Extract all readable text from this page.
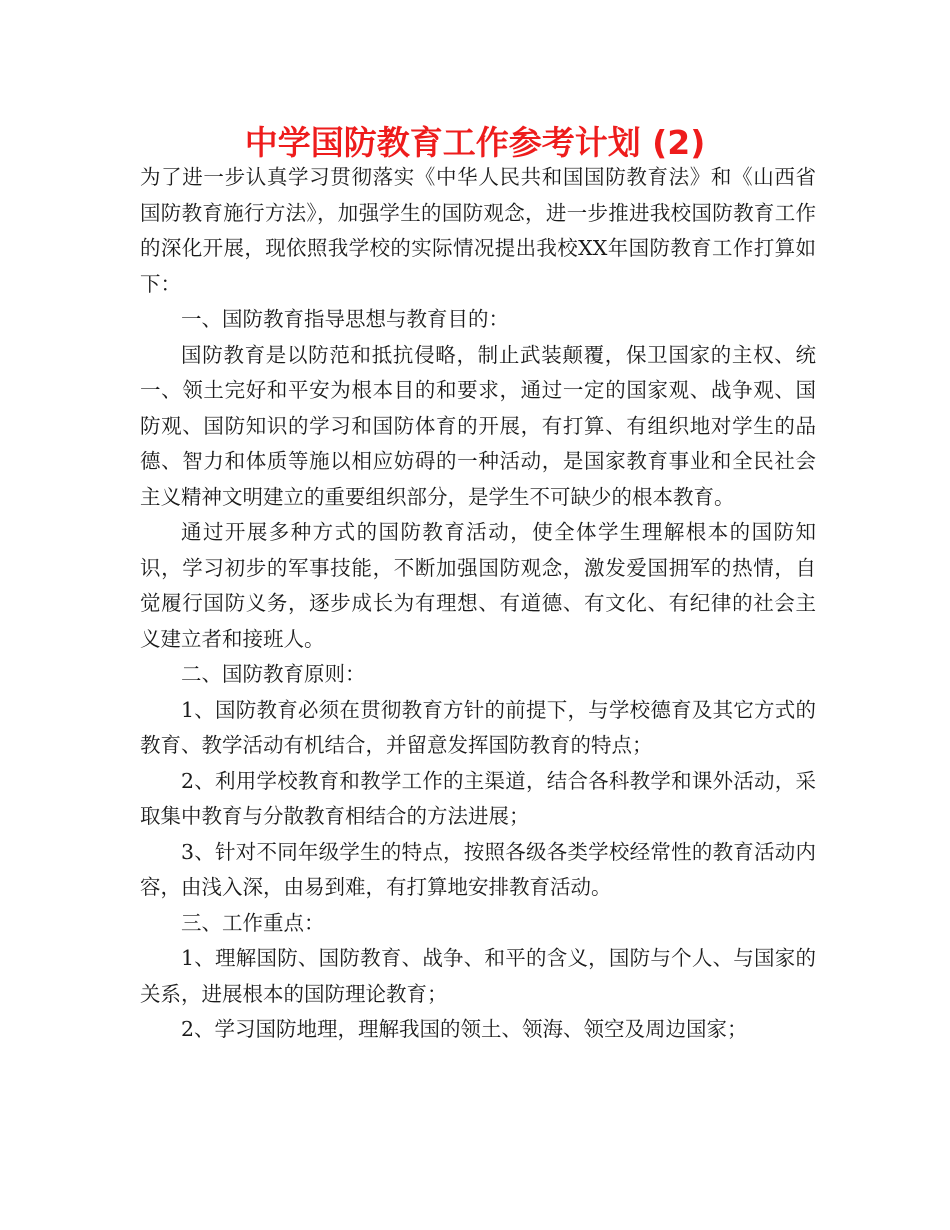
中学国防教育工作参考计划 (2)

为了进一步认真学习贯彻落实《中华人民共和国国防教育法》和《山西省国防教育施行方法》，加强学生的国防观念，进一步推进我校国防教育工作的深化开展，现依照我学校的实际情况提出我校XX年国防教育工作打算如下：

一、国防教育指导思想与教育目的：

国防教育是以防范和抵抗侵略，制止武装颠覆，保卫国家的主权、统一、领土完好和平安为根本目的和要求，通过一定的国家观、战争观、国防观、国防知识的学习和国防体育的开展，有打算、有组织地对学生的品德、智力和体质等施以相应妨碍的一种活动，是国家教育事业和全民社会主义精神文明建立的重要组织部分，是学生不可缺少的根本教育。

通过开展多种方式的国防教育活动，使全体学生理解根本的国防知识，学习初步的军事技能，不断加强国防观念，激发爱国拥军的热情，自觉履行国防义务，逐步成长为有理想、有道德、有文化、有纪律的社会主义建立者和接班人。

二、国防教育原则：

1、国防教育必须在贯彻教育方针的前提下，与学校德育及其它方式的教育、教学活动有机结合，并留意发挥国防教育的特点；

2、利用学校教育和教学工作的主渠道，结合各科教学和课外活动，采取集中教育与分散教育相结合的方法进展；

3、针对不同年级学生的特点，按照各级各类学校经常性的教育活动内容，由浅入深，由易到难，有打算地安排教育活动。

三、工作重点：

1、理解国防、国防教育、战争、和平的含义，国防与个人、与国家的关系，进展根本的国防理论教育；

2、学习国防地理，理解我国的领土、领海、领空及周边国家；
